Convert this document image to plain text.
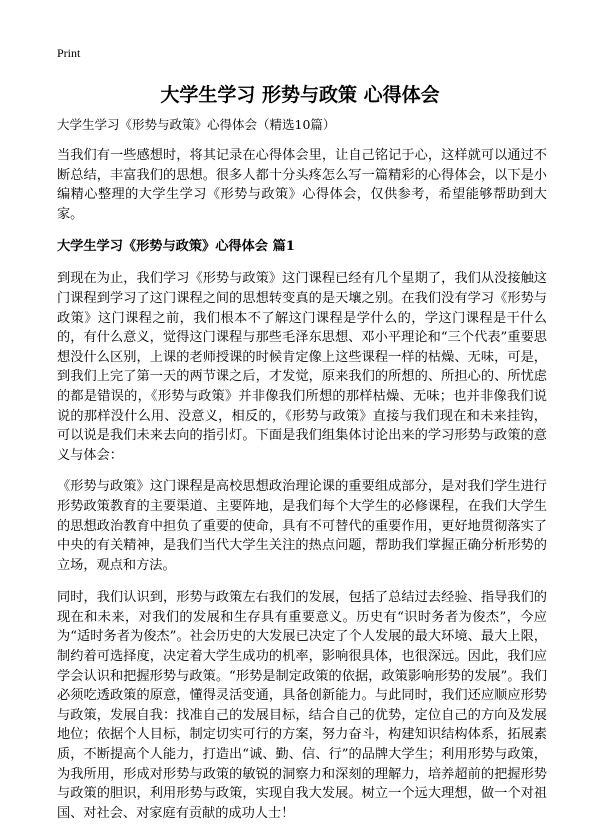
Print
大学生学习 形势与政策 心得体会

大学生学习《形势与政策》心得体会（精选10篇）

当我们有一些感想时，将其记录在心得体会里，让自己铭记于心，这样就可以通过不断总结，丰富我们的思想。很多人都十分头疼怎么写一篇精彩的心得体会，以下是小编精心整理的大学生学习《形势与政策》心得体会，仅供参考，希望能够帮助到大家。

大学生学习《形势与政策》心得体会 篇1

到现在为止，我们学习《形势与政策》这门课程已经有几个星期了，我们从没接触这门课程到学习了这门课程之间的思想转变真的是天壤之别。在我们没有学习《形势与政策》这门课程之前，我们根本不了解这门课程是学什么的，学这门课程是干什么的，有什么意义，觉得这门课程与那些毛泽东思想、邓小平理论和“三个代表”重要思想没什么区别，上课的老师授课的时候肯定像上这些课程一样的枯燥、无味，可是，到我们上完了第一天的两节课之后，才发觉，原来我们的所想的、所担心的、所忧虑的都是错误的，《形势与政策》并非像我们所想的那样枯燥、无味；也并非像我们说说的那样没什么用、没意义，相反的，《形势与政策》直接与我们现在和未来挂钩，可以说是我们未来去向的指引灯。下面是我们组集体讨论出来的学习形势与政策的意义与体会：

《形势与政策》这门课程是高校思想政治理论课的重要组成部分，是对我们学生进行形势政策教育的主要渠道、主要阵地，是我们每个大学生的必修课程，在我们大学生的思想政治教育中担负了重要的使命，具有不可替代的重要作用，更好地贯彻落实了中央的有关精神，是我们当代大学生关注的热点问题，帮助我们掌握正确分析形势的立场，观点和方法。

同时，我们认识到，形势与政策左右我们的发展，包括了总结过去经验、指导我们的现在和未来，对我们的发展和生存具有重要意义。历史有“识时务者为俊杰”，今应为“适时务者为俊杰”。社会历史的大发展已决定了个人发展的最大环境、最大上限，制约着可选择度，决定着大学生成功的机率，影响很具体，也很深远。因此，我们应学会认识和把握形势与政策。“形势是制定政策的依据，政策影响形势的发展”。我们必须吃透政策的原意，懂得灵活变通，具备创新能力。与此同时，我们还应顺应形势与政策，发展自我：找准自己的发展目标，结合自己的优势，定位自己的方向及发展地位；依据个人目标，制定切实可行的方案，努力奋斗，构建知识结构体系，拓展素质，不断提高个人能力，打造出“诚、勤、信、行”的品牌大学生；利用形势与政策，为我所用，形成对形势与政策的敏锐的洞察力和深刻的理解力，培养超前的把握形势与政策的胆识，利用形势与政策，实现自我大发展。树立一个远大理想，做一个对祖国、对社会、对家庭有贡献的成功人士！
